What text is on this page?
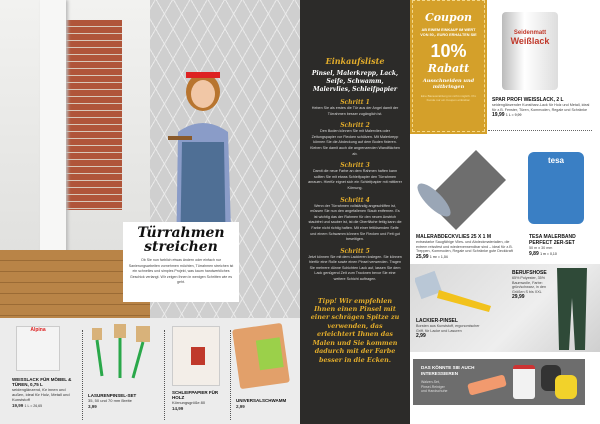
Türrahmen
streichen

Ob Sie nun farblich etwas ändern oder einfach nur Sanierungsarbeiten vornehmen möchten, Türrahmen streichen ist ein schnelles und simples Projekt, was kaum handwerkliches Geschick verlangt. Wir zeigen Ihnen in wenigen Schritten wie es geht.

Alpina
WEISSLACK FÜR MÖBEL & TÜREN, 0,75 L
seidenglänzend, für innen und außen, ideal für Holz, Metall und Kunststoff
19,99 1 L = 26,65
LASURENPINSEL-SET
35, 50 und 70 mm Breite
3,99
SCHLEIFPAPIER FÜR HOLZ
Körnungsgröße 80
14,99
UNIVERSALSCHWAMM
2,99
Einkaufsliste
Pinsel, Malerkrepp, Lack, Seife, Schwamm, Malervlies, Schleifpapier
Schritt 1

Heben Sie als erstes die Tür aus der Angel damit der Türrahmen besser zugänglich ist.

Schritt 2

Den Boden können Sie mit Malervlies oder Zeitungspapier vor Flecken schützen. Mit Malerkrepp können Sie die Abdeckung auf dem Boden fixieren. Kleben Sie damit auch die angrenzenden Wandflächen ab.

Schritt 3

Damit die neue Farbe an dem Rahmen haften kann sollten Sie mit etwas Schleifpapier den Türrahmen anrauen. Hierfür eignet sich ein Schleifpapier mit mittlerer Körnung.

Schritt 4

Wenn der Türrahmen vollständig angeschliffen ist, müssen Sie nun den angefallenen Staub entfernen. Es ist wichtig das der Rahmen für den neuen Anstrich staubfrei und sauber ist, ist die Oberfläche fettig kann die Farbe nicht richtig haften. Mit einer fettlösenden Seife und einem Schwamm können Sie Flecken und Fett gut beseitigen.

Schritt 5

Jetzt können Sie mit dem Lackieren loslegen. Sie können hierfür eine Rolle sowie einen Pinsel verwenden. Tragen Sie mehrere dünne Schichten Lack auf, lassen Sie dem Lack genügend Zeit zum Trocknen bevor Sie eine weitere Schicht auftragen.

Tipp! Wir empfehlen Ihnen einen Pinsel mit einer schrägen Spitze zu verwenden, das erleichtert Ihnen das Malen und Sie kommen dadurch mit der Farbe besser in die Ecken.
Coupon
AB EINEM EINKAUF IM WERT VON 50,- EURO ERHALTEN SIE
10%
Rabatt
Ausschneiden und mitbringen
Eine Barauszahlung ist nicht möglich. Pro Kunde nur ein Coupon einlösbar.
Seidenmatt
Weißlack
SPAR PROFI WEISSLACK, 2 L
seidenglänzender Kunstharz-Lack für Holz und Metall, ideal für z.B. Fenster, Türen, Kommoden, Regale und Schränke
19,99 1 L = 9,99
tesa
MALERABDECKVLIES 25 X 1 M
extrastarke Saugfähige Vlies- und Abdeckmaterialien, die extrem reissfest und wiederverwendbar sind – ideal für z.B. Treppen, Kommoden, Regale und Schränke gute Deckkraft
25,99 1 m² = 1,04
TESA MALERBAND PERFECT 2ER-SET
50 m x 30 mm
9,89 1 m = 0,10
BERUFSHOSE
65% Polyester, 35% Baumwolle, Farbe: grün/schwarz, in den Größen S bis XXL
29,99
LACKIER-PINSEL
Borsten aus Kunststoff, ergonomischer Griff, für Lacke und Lasuren
2,99
DAS KÖNNTE SIE AUCH INTERESSIEREN
Walzen-Set, Pinsel-Reiniger und Handschuhe
